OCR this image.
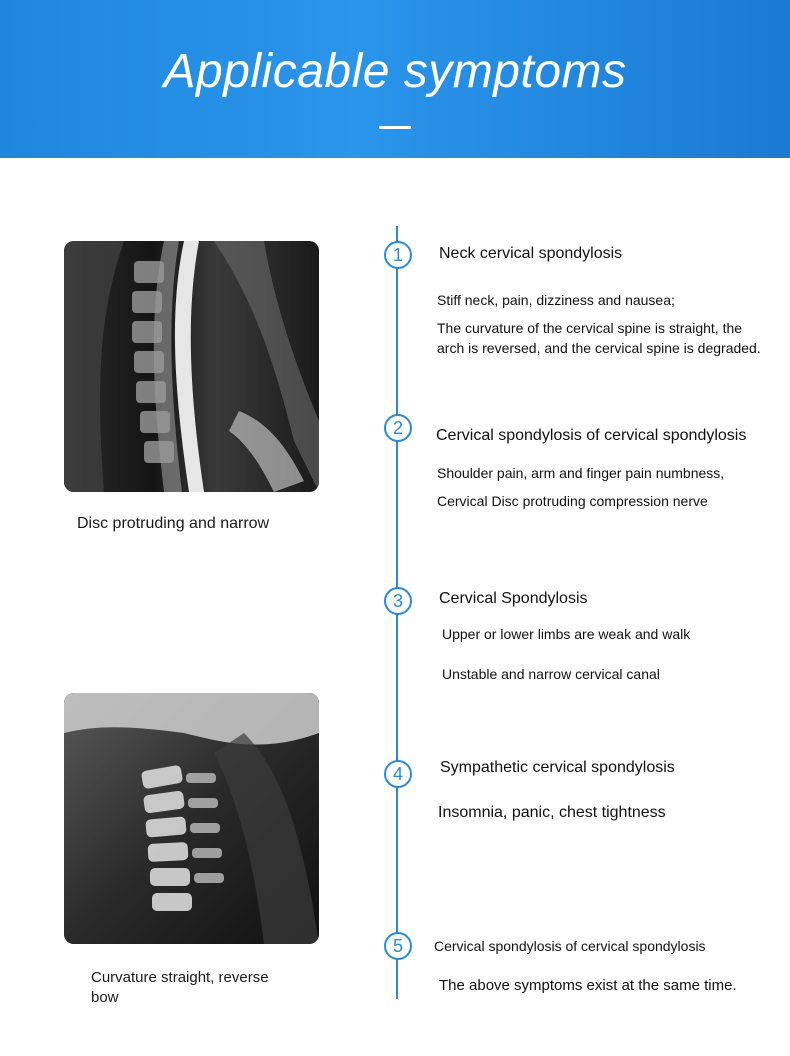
Applicable symptoms
Disc protruding and narrow
Curvature straight, reverse bow
1	Neck cervical spondylosis
Stiff neck, pain, dizziness and nausea;
The curvature of the cervical spine is straight, the arch is reversed, and the cervical spine is degraded.
2	Cervical spondylosis of cervical spondylosis
Shoulder pain, arm and finger pain numbness,
Cervical Disc protruding compression nerve
3	Cervical Spondylosis
Upper or lower limbs are weak and walk
Unstable and narrow cervical canal
4	Sympathetic cervical spondylosis
Insomnia, panic, chest tightness
5	Cervical spondylosis of cervical spondylosis
The above symptoms exist at the same time.
